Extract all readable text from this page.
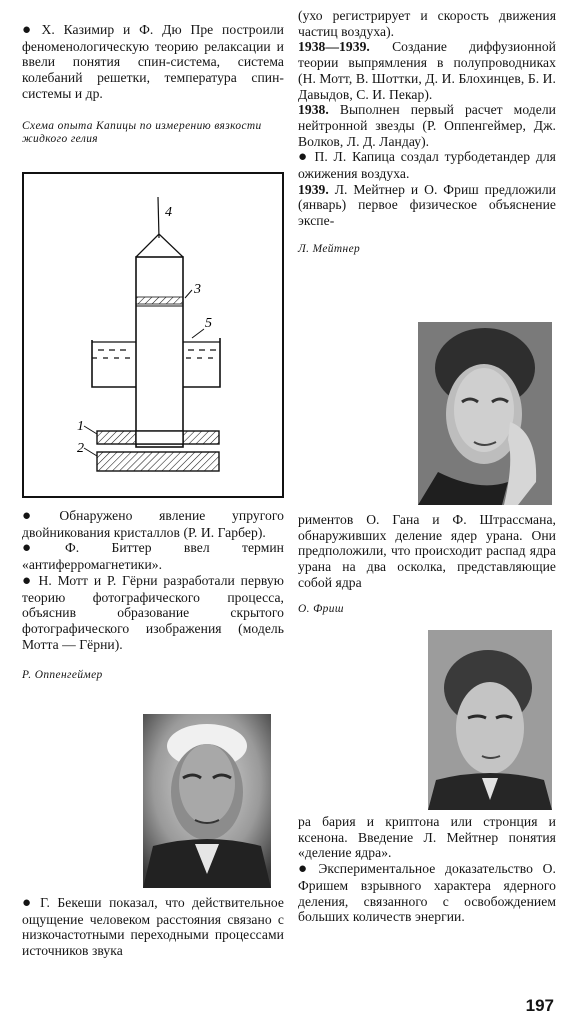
● Х. Казимир и Ф. Дю Пре построили феноменологическую теорию релаксации и ввели понятия спин-система, система колебаний решетки, температура спин-системы и др.

Схема опыта Капицы по измерению вязкости жидкого гелия

4
3
5
1
2

● Обнаружено явление упругого двойникования кристаллов (Р. И. Гарбер).

● Ф. Биттер ввел термин «антиферромагнетики».

● Н. Мотт и Р. Гёрни разработали первую теорию фотографического процесса, объяснив образование скрытого фотографического изображения (модель Мотта — Гёрни).

Р. Оппенгеймер

● Г. Бекеши показал, что действительное ощущение человеком расстояния связано с низкочастотными переходными процессами источников звука

(ухо регистрирует и скорость движения частиц воздуха).

1938—1939. Создание диффузионной теории выпрямления в полупроводниках (Н. Мотт, В. Шоттки, Д. И. Блохинцев, Б. И. Давыдов, С. И. Пекар).

1938. Выполнен первый расчет модели нейтронной звезды (Р. Оппенгеймер, Дж. Волков, Л. Д. Ландау).

● П. Л. Капица создал турбодетандер для ожижения воздуха.

1939. Л. Мейтнер и О. Фриш предложили (январь) первое физическое объяснение экспе-

Л. Мейтнер

риментов О. Гана и Ф. Штрассмана, обнаруживших деление ядер урана. Они предположили, что происходит распад ядра урана на два осколка, представляющие собой ядра

О. Фриш

ра бария и криптона или стронция и ксенона. Введение Л. Мейтнер понятия «деление ядра».

● Экспериментальное доказательство О. Фришем взрывного характера ядерного деления, связанного с освобождением больших количеств энергии.

197
